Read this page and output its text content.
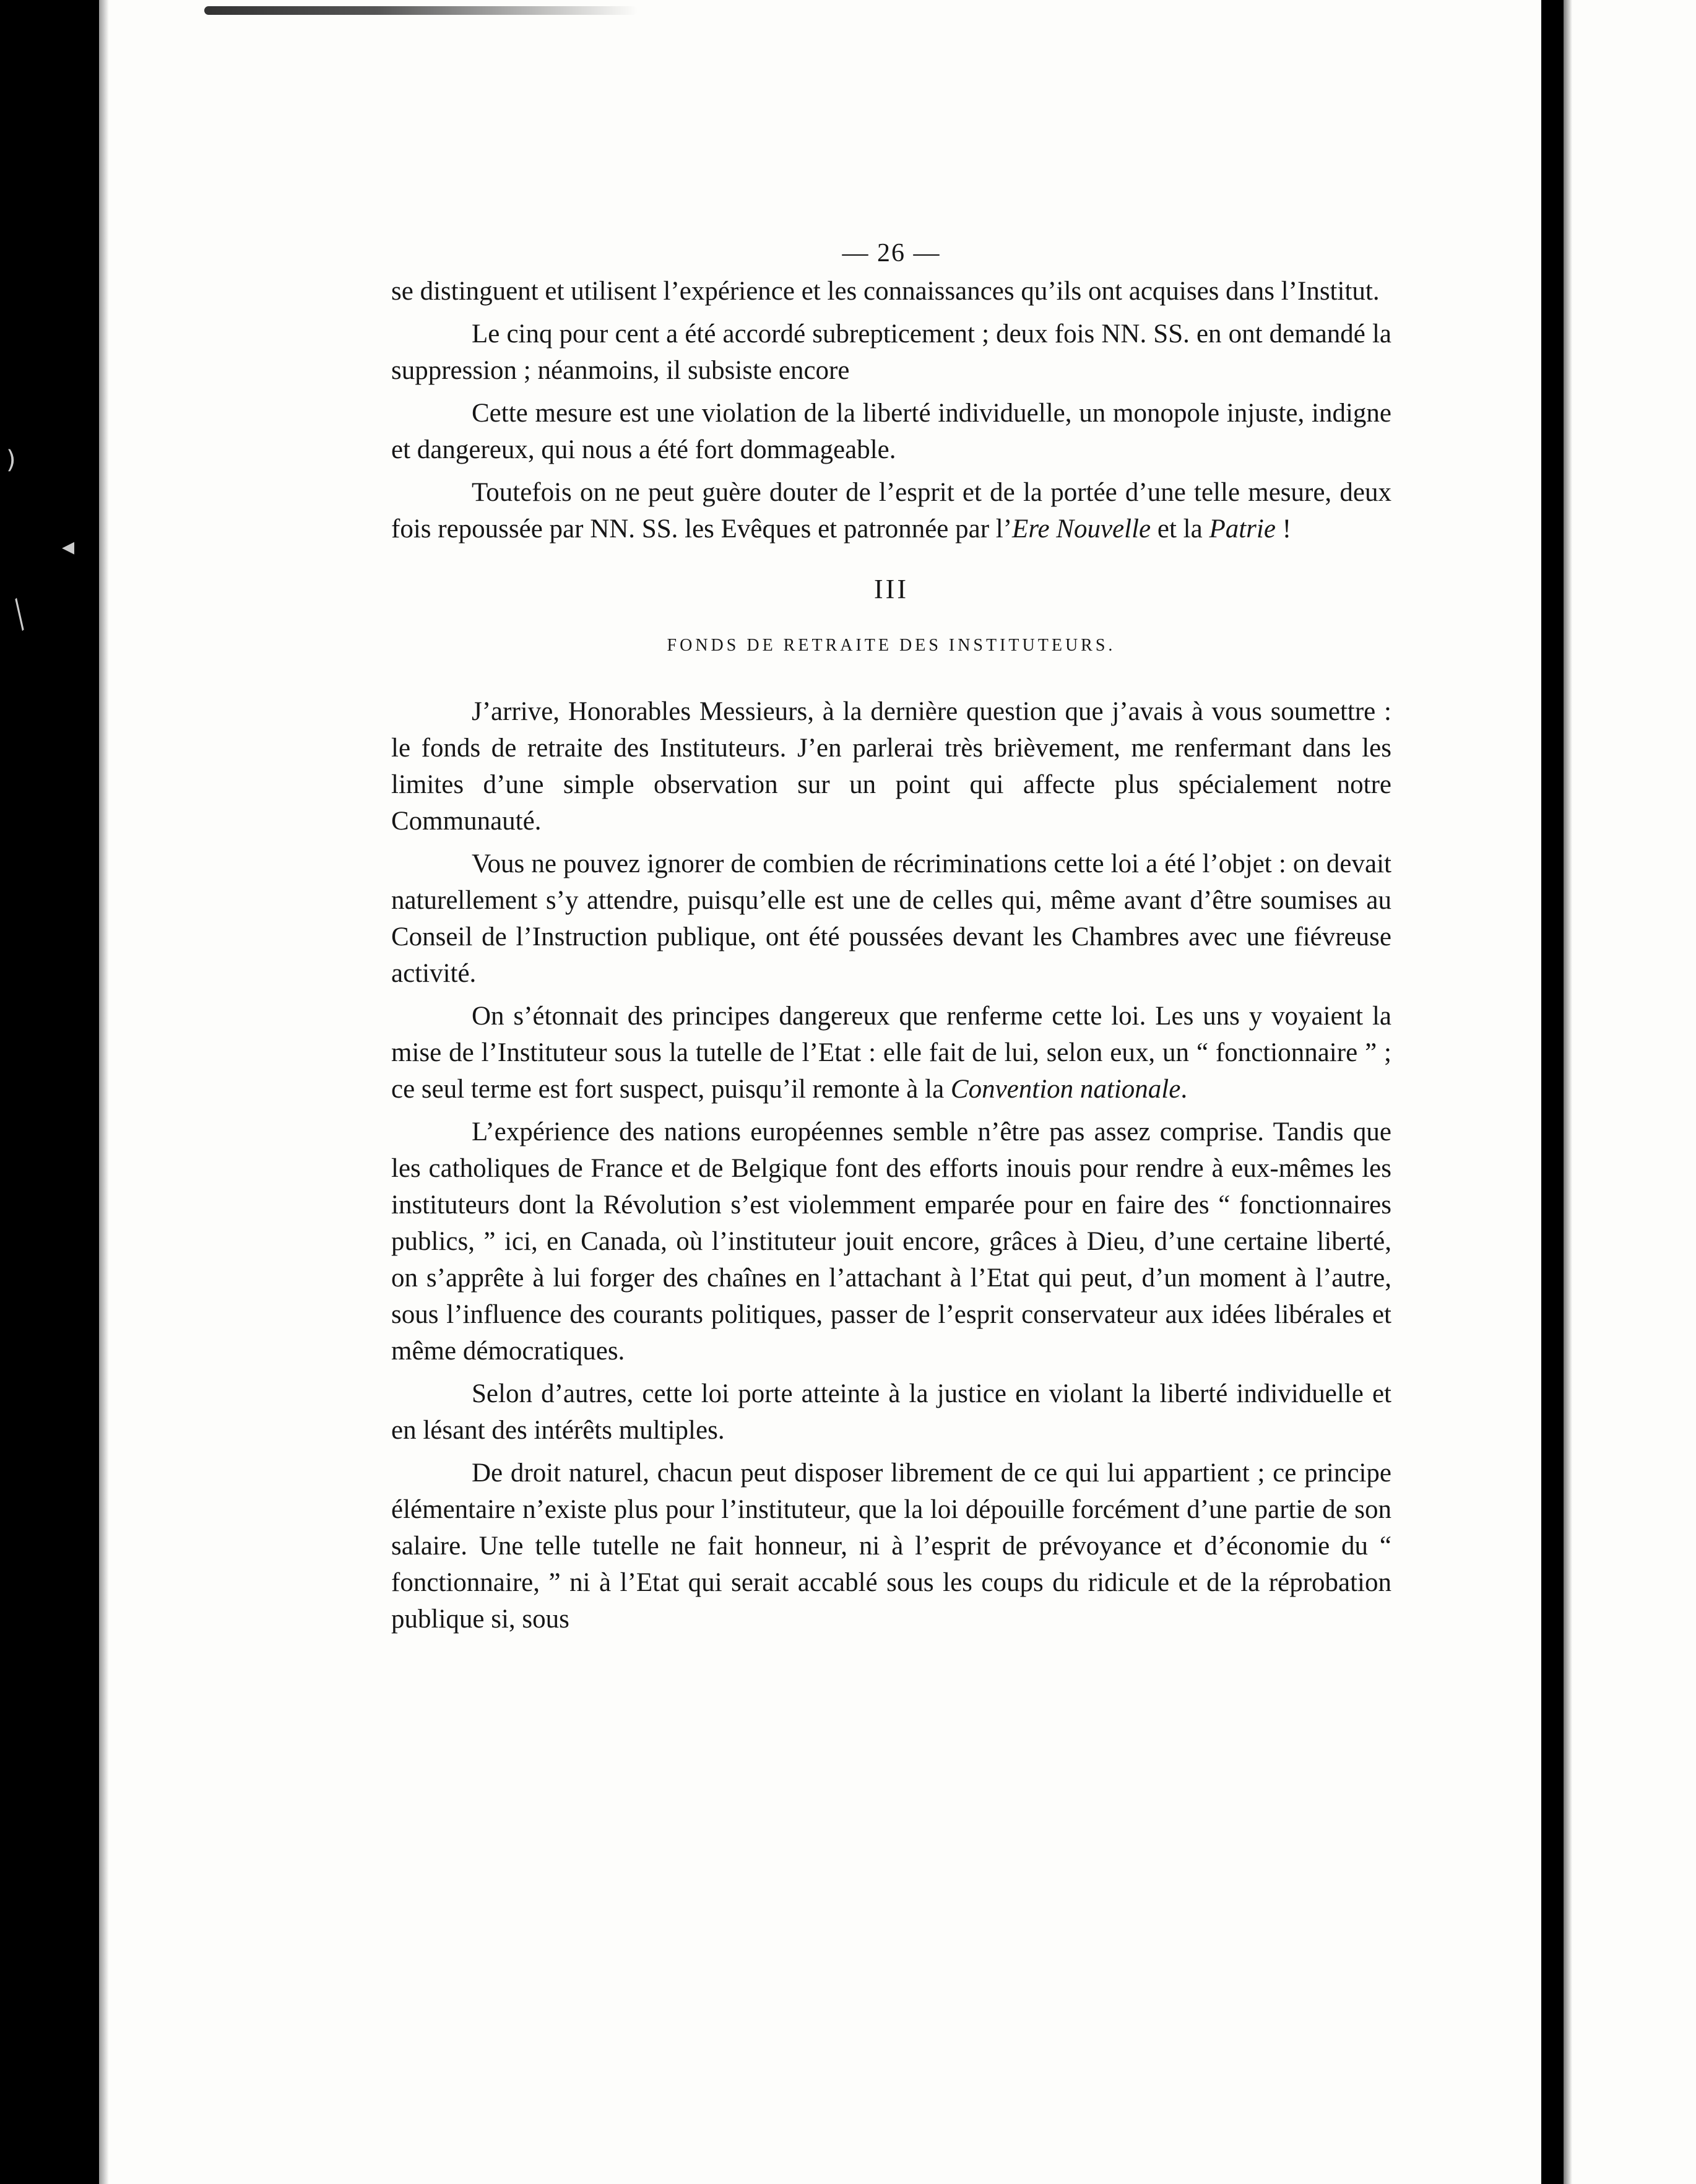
)
◂
╱
— 26 —

se distinguent et utilisent l’expérience et les connaissances qu’ils ont acquises dans l’Institut.

Le cinq pour cent a été accordé subrepticement ; deux fois NN. SS. en ont demandé la suppression ; néanmoins, il subsiste encore

Cette mesure est une violation de la liberté individuelle, un monopole injuste, indigne et dangereux, qui nous a été fort dommageable.

Toutefois on ne peut guère douter de l’esprit et de la portée d’une telle mesure, deux fois repoussée par NN. SS. les Evêques et patronnée par l’Ere Nouvelle et la Patrie !

III
FONDS DE RETRAITE DES INSTITUTEURS.

J’arrive, Honorables Messieurs, à la dernière question que j’avais à vous soumettre : le fonds de retraite des Instituteurs. J’en parlerai très brièvement, me renfermant dans les limites d’une simple observation sur un point qui affecte plus spécialement notre Communauté.

Vous ne pouvez ignorer de combien de récriminations cette loi a été l’objet : on devait naturellement s’y attendre, puisqu’elle est une de celles qui, même avant d’être soumises au Conseil de l’Instruction publique, ont été poussées devant les Chambres avec une fiévreuse activité.

On s’étonnait des principes dangereux que renferme cette loi. Les uns y voyaient la mise de l’Instituteur sous la tutelle de l’Etat : elle fait de lui, selon eux, un “ fonctionnaire ” ; ce seul terme est fort suspect, puisqu’il remonte à la Convention nationale.

L’expérience des nations européennes semble n’être pas assez comprise. Tandis que les catholiques de France et de Belgique font des efforts inouis pour rendre à eux-mêmes les instituteurs dont la Révolution s’est violemment emparée pour en faire des “ fonctionnaires publics, ” ici, en Canada, où l’instituteur jouit encore, grâces à Dieu, d’une certaine liberté, on s’apprête à lui forger des chaînes en l’attachant à l’Etat qui peut, d’un moment à l’autre, sous l’influence des courants politiques, passer de l’esprit conservateur aux idées libérales et même démocratiques.

Selon d’autres, cette loi porte atteinte à la justice en violant la liberté individuelle et en lésant des intérêts multiples.

De droit naturel, chacun peut disposer librement de ce qui lui appartient ; ce principe élémentaire n’existe plus pour l’instituteur, que la loi dépouille forcément d’une partie de son salaire. Une telle tutelle ne fait honneur, ni à l’esprit de prévoyance et d’économie du “ fonctionnaire, ” ni à l’Etat qui serait accablé sous les coups du ridicule et de la réprobation publique si, sous
